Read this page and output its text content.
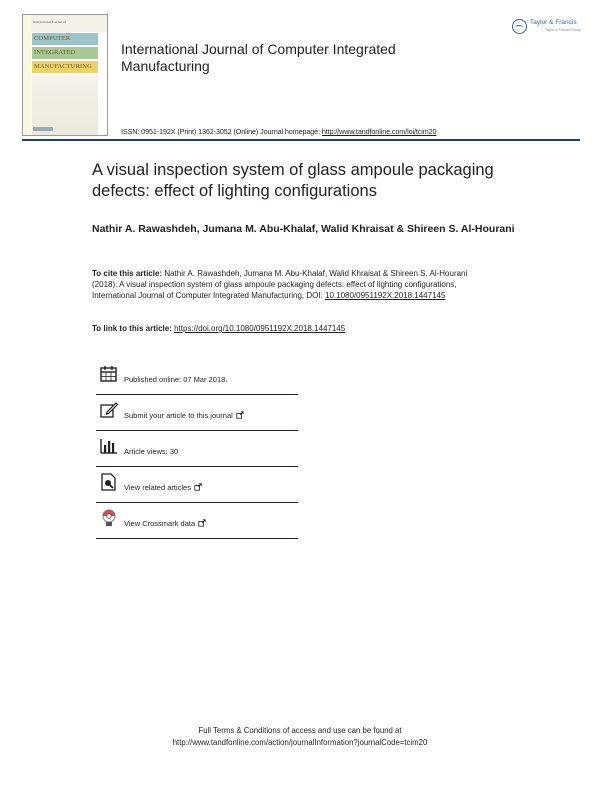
International Journal of
COMPUTER
INTEGRATED
MANUFACTURING
International Journal of Computer Integrated Manufacturing
ISSN: 0951-192X (Print) 1362-3052 (Online) Journal homepage: http://www.tandfonline.com/loi/tcim20
Taylor & Francis
Taylor & Francis Group
A visual inspection system of glass ampoule packaging defects: effect of lighting configurations
Nathir A. Rawashdeh, Jumana M. Abu-Khalaf, Walid Khraisat & Shireen S. Al-Hourani
To cite this article: Nathir A. Rawashdeh, Jumana M. Abu-Khalaf, Walid Khraisat & Shireen S. Al-Hourani (2018): A visual inspection system of glass ampoule packaging defects: effect of lighting configurations, International Journal of Computer Integrated Manufacturing, DOI: 10.1080/0951192X.2018.1447145
To link to this article: https://doi.org/10.1080/0951192X.2018.1447145
Published online: 07 Mar 2018.
Submit your article to this journal
Article views: 30
View related articles
View Crossmark data
Full Terms & Conditions of access and use can be found at
http://www.tandfonline.com/action/journalInformation?journalCode=tcim20
